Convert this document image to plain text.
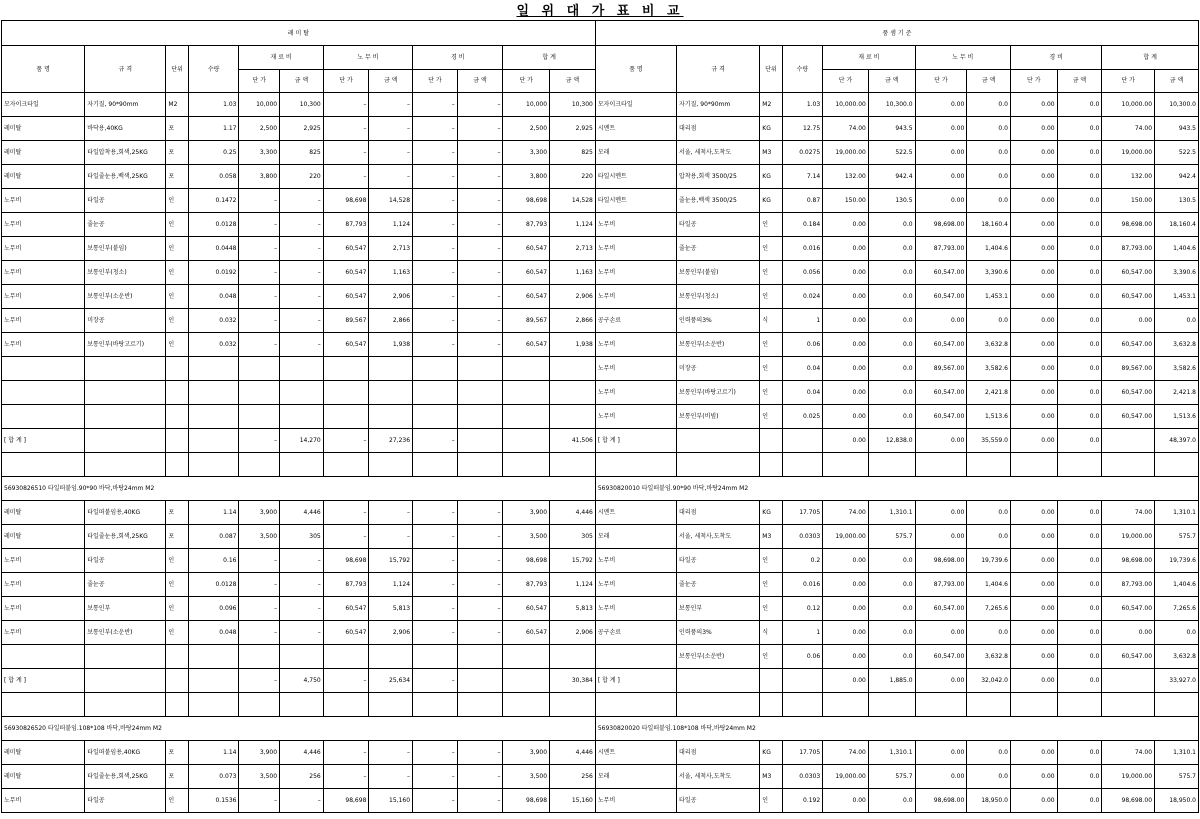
일 위 대 가 표 비 교
레 미 탈												품 셈 기 준											
품 명	규 격	단위	수량	재 료 비		노 무 비		경 비		합 계		품 명	규 격	단위	수량	재 료 비		노 무 비		경 비		합 계	
				단 가	금 액	단 가	금 액	단 가	금 액	단 가	금 액					단 가	금 액	단 가	금 액	단 가	금 액	단 가	금 액
모자이크타일	자기질, 90*90mm	M2	1.03	10,000	10,300	–	–	–	–	10,000	10,300	모자이크타일	자기질, 90*90mm	M2	1.03	10,000.00	10,300.0	0.00	0.0	0.00	0.0	10,000.00	10,300.0
레미탈	바닥용,40KG	포	1.17	2,500	2,925	–	–	–	–	2,500	2,925	시멘트	대리점	KG	12.75	74.00	943.5	0.00	0.0	0.00	0.0	74.00	943.5
레미탈	타일압착용,회색,25KG	포	0.25	3,300	825	–	–	–	–	3,300	825	모래	서울, 세척사,도착도	M3	0.0275	19,000.00	522.5	0.00	0.0	0.00	0.0	19,000.00	522.5
레미탈	타일줄눈용,백색,25KG	포	0.058	3,800	220	–	–	–	–	3,800	220	타일시멘트	압착용,회색 3500/25	KG	7.14	132.00	942.4	0.00	0.0	0.00	0.0	132.00	942.4
노무비	타일공	인	0.1472	–	–	98,698	14,528	–	–	98,698	14,528	타일시멘트	줄눈용,백색 3500/25	KG	0.87	150.00	130.5	0.00	0.0	0.00	0.0	150.00	130.5
노무비	줄눈공	인	0.0128	–	–	87,793	1,124	–	–	87,793	1,124	노무비	타일공	인	0.184	0.00	0.0	98,698.00	18,160.4	0.00	0.0	98,698.00	18,160.4
노무비	보통인부(붙임)	인	0.0448	–	–	60,547	2,713	–	–	60,547	2,713	노무비	줄눈공	인	0.016	0.00	0.0	87,793.00	1,404.6	0.00	0.0	87,793.00	1,404.6
노무비	보통인부(청소)	인	0.0192	–	–	60,547	1,163	–	–	60,547	1,163	노무비	보통인부(붙임)	인	0.056	0.00	0.0	60,547.00	3,390.6	0.00	0.0	60,547.00	3,390.6
노무비	보통인부(소운반)	인	0.048	–	–	60,547	2,906	–	–	60,547	2,906	노무비	보통인부(청소)	인	0.024	0.00	0.0	60,547.00	1,453.1	0.00	0.0	60,547.00	1,453.1
노무비	미장공	인	0.032	–	–	89,567	2,866	–	–	89,567	2,866	공구손료	인력품의3%	식	1	0.00	0.0	0.00	0.0	0.00	0.0	0.00	0.0
노무비	보통인부(바탕고르기)	인	0.032	–	–	60,547	1,938	–	–	60,547	1,938	노무비	보통인부(소운반)	인	0.06	0.00	0.0	60,547.00	3,632.8	0.00	0.0	60,547.00	3,632.8
												노무비	미장공	인	0.04	0.00	0.0	89,567.00	3,582.6	0.00	0.0	89,567.00	3,582.6
												노무비	보통인부(바탕고르기)	인	0.04	0.00	0.0	60,547.00	2,421.8	0.00	0.0	60,547.00	2,421.8
												노무비	보통인부(비빔)	인	0.025	0.00	0.0	60,547.00	1,513.6	0.00	0.0	60,547.00	1,513.6
[ 합 계 ]				–	14,270	–	27,236	–			41,506	[ 합 계 ]				0.00	12,838.0	0.00	35,559.0	0.00	0.0		48,397.0

56930826510 타일떠붙임.90*90 바닥,바탕24mm M2												56930820010 타일떠붙임.90*90 바닥,바탕24mm M2											
레미탈	타일떠붙임용,40KG	포	1.14	3,900	4,446	–	–	–	–	3,900	4,446	시멘트	대리점	KG	17.705	74.00	1,310.1	0.00	0.0	0.00	0.0	74.00	1,310.1
레미탈	타일줄눈용,회색,25KG	포	0.087	3,500	305	–	–	–	–	3,500	305	모래	서울, 세척사,도착도	M3	0.0303	19,000.00	575.7	0.00	0.0	0.00	0.0	19,000.00	575.7
노무비	타일공	인	0.16	–	–	98,698	15,792	–	–	98,698	15,792	노무비	타일공	인	0.2	0.00	0.0	98,698.00	19,739.6	0.00	0.0	98,698.00	19,739.6
노무비	줄눈공	인	0.0128	–	–	87,793	1,124	–	–	87,793	1,124	노무비	줄눈공	인	0.016	0.00	0.0	87,793.00	1,404.6	0.00	0.0	87,793.00	1,404.6
노무비	보통인부	인	0.096	–	–	60,547	5,813	–	–	60,547	5,813	노무비	보통인부	인	0.12	0.00	0.0	60,547.00	7,265.6	0.00	0.0	60,547.00	7,265.6
노무비	보통인부(소운반)	인	0.048	–	–	60,547	2,906	–	–	60,547	2,906	공구손료	인력품의3%	식	1	0.00	0.0	0.00	0.0	0.00	0.0	0.00	0.0
													보통인부(소운반)	인	0.06	0.00	0.0	60,547.00	3,632.8	0.00	0.0	60,547.00	3,632.8
[ 합 계 ]				–	4,750	–	25,634	–			30,384	[ 합 계 ]				0.00	1,885.0	0.00	32,042.0	0.00	0.0		33,927.0

56930826520 타일떠붙임.108*108 바닥,바탕24mm M2												56930820020 타일떠붙임.108*108 바닥,바탕24mm M2											
레미탈	타일떠붙임용,40KG	포	1.14	3,900	4,446	–	–	–	–	3,900	4,446	시멘트	대리점	KG	17.705	74.00	1,310.1	0.00	0.0	0.00	0.0	74.00	1,310.1
레미탈	타일줄눈용,회색,25KG	포	0.073	3,500	256	–	–	–	–	3,500	256	모래	서울, 세척사,도착도	M3	0.0303	19,000.00	575.7	0.00	0.0	0.00	0.0	19,000.00	575.7
노무비	타일공	인	0.1536	–	–	98,698	15,160	–	–	98,698	15,160	노무비	타일공	인	0.192	0.00	0.0	98,698.00	18,950.0	0.00	0.0	98,698.00	18,950.0
